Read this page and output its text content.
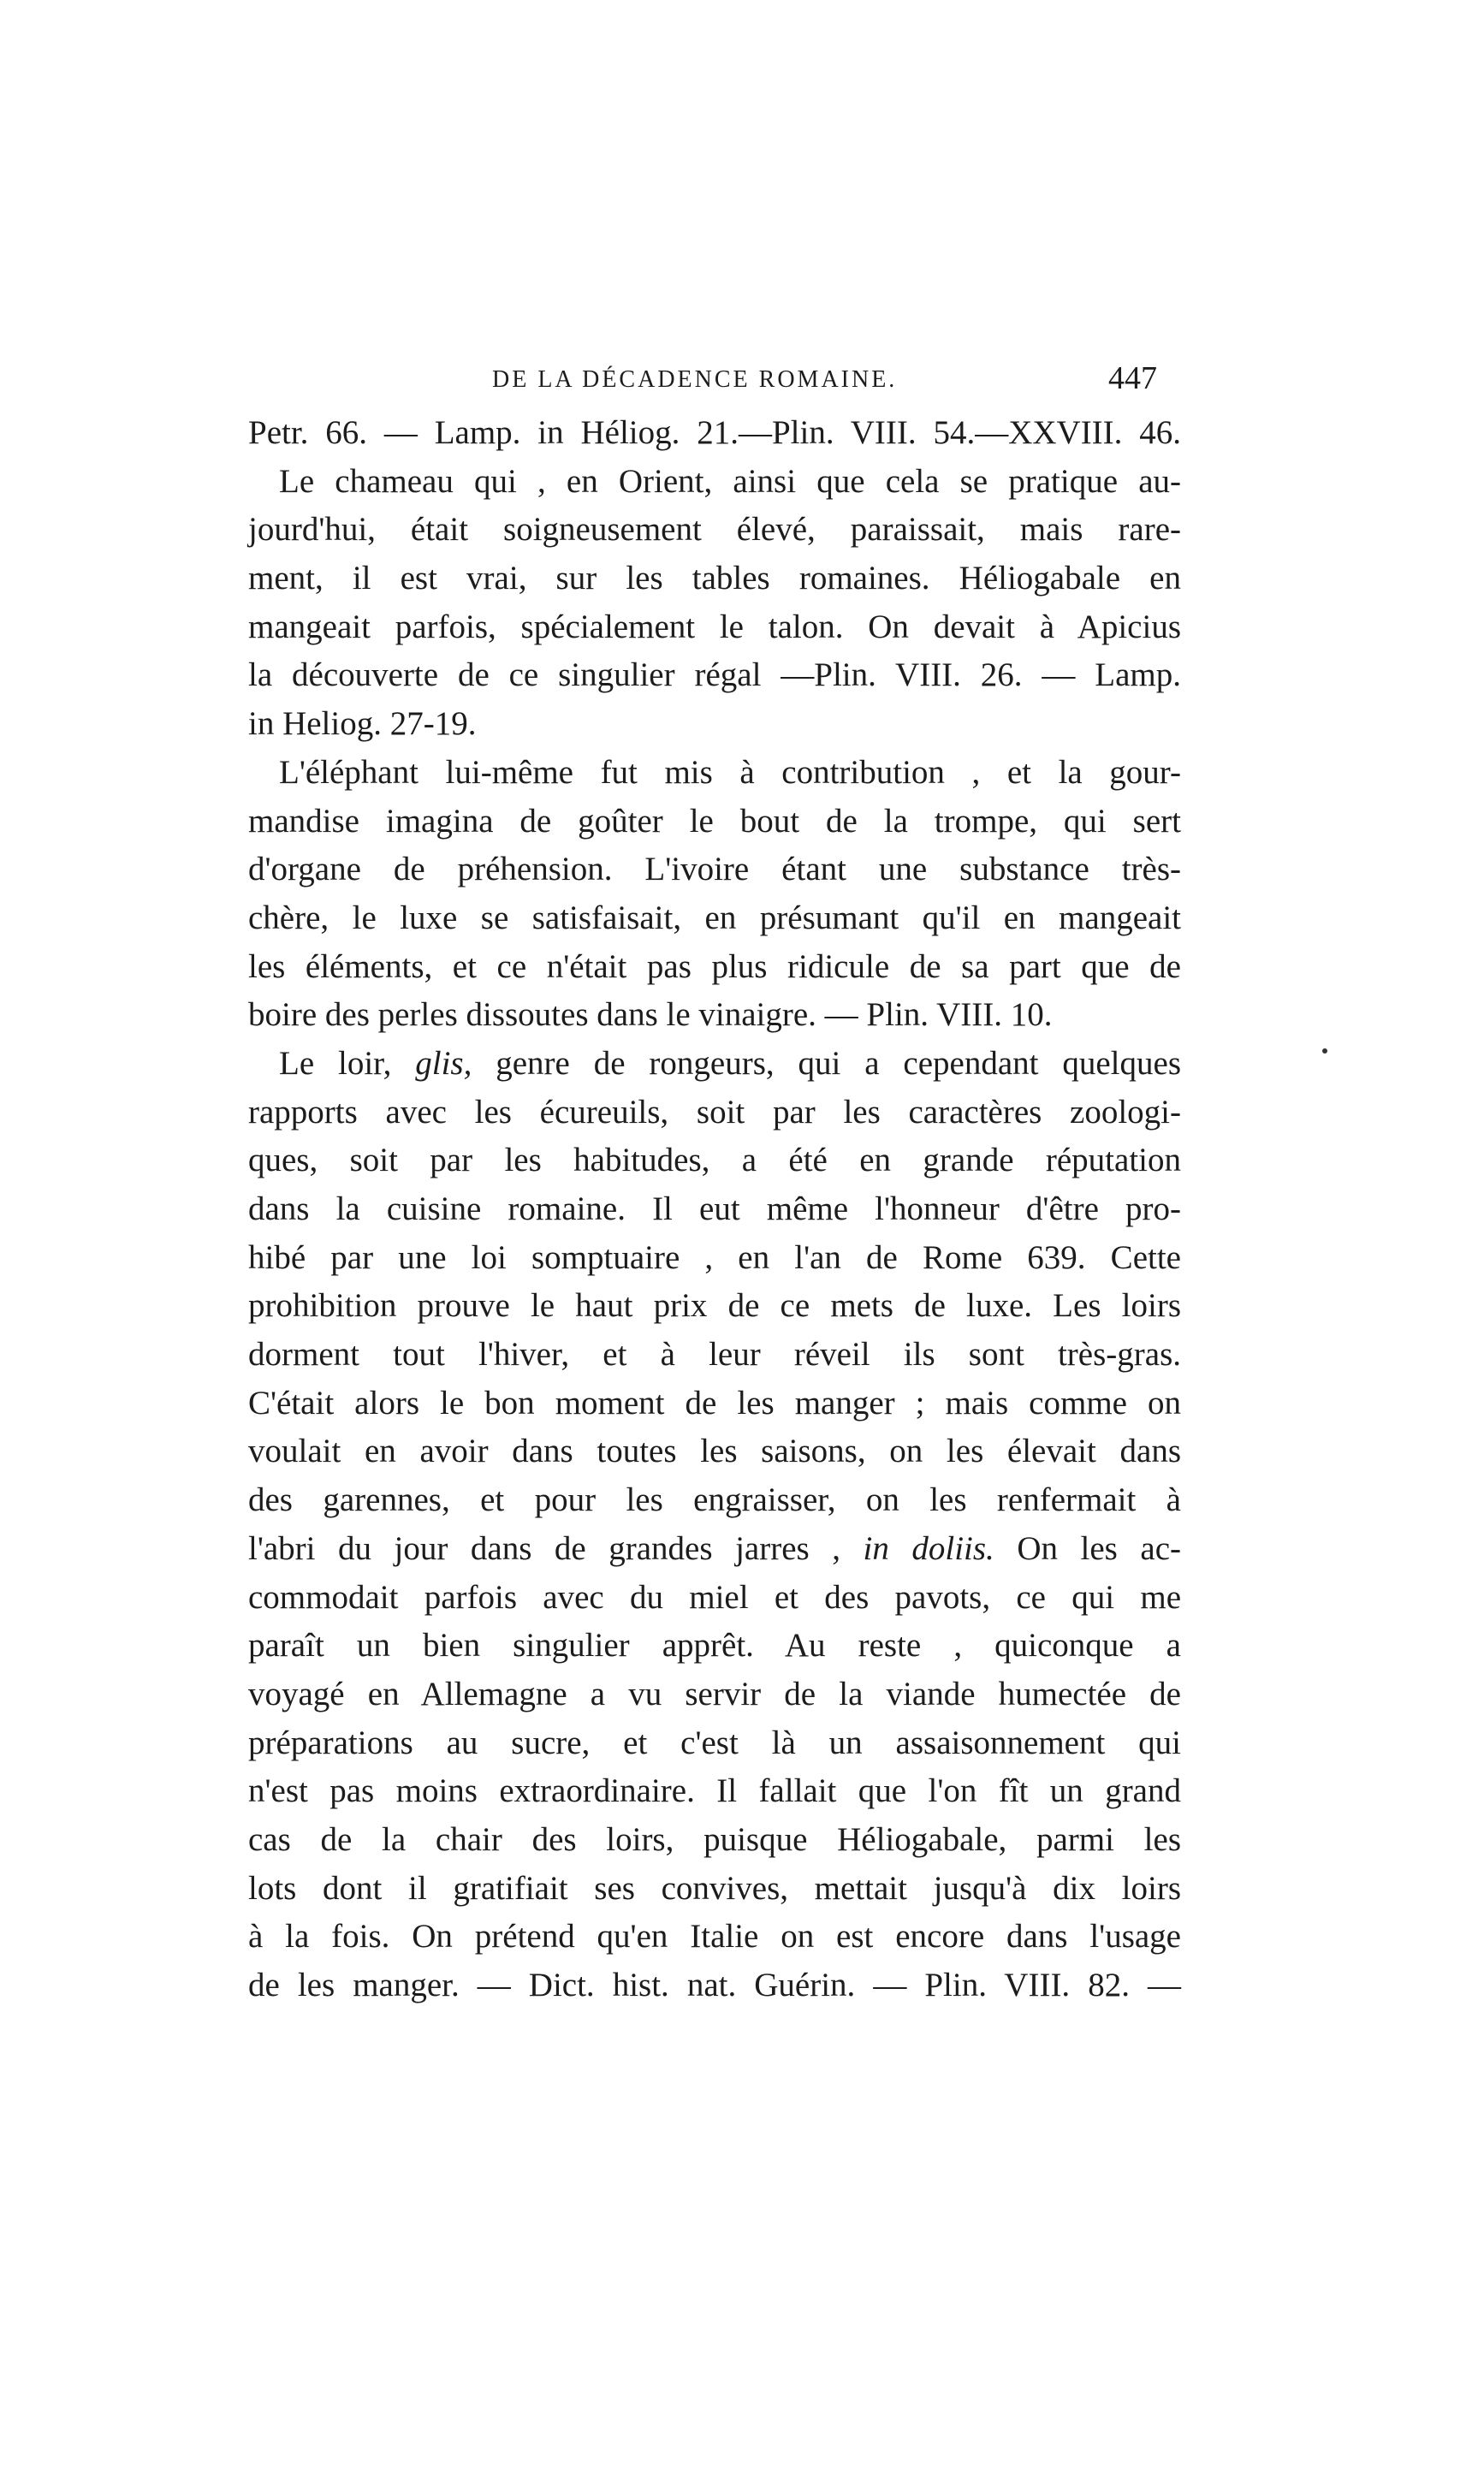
DE LA DÉCADENCE ROMAINE.	447
Petr. 66. — Lamp. in Héliog. 21.—Plin. VIII. 54.—XXVIII. 46.
Le chameau qui , en Orient, ainsi que cela se pratique au-
jourd'hui, était soigneusement élevé, paraissait, mais rare-
ment, il est vrai, sur les tables romaines. Héliogabale en
mangeait parfois, spécialement le talon. On devait à Apicius
la découverte de ce singulier régal —Plin. VIII. 26. — Lamp.
in Heliog. 27-19.
L'éléphant lui-même fut mis à contribution , et la gour-
mandise imagina de goûter le bout de la trompe, qui sert
d'organe de préhension. L'ivoire étant une substance très-
chère, le luxe se satisfaisait, en présumant qu'il en mangeait
les éléments, et ce n'était pas plus ridicule de sa part que de
boire des perles dissoutes dans le vinaigre. — Plin. VIII. 10.
Le loir, glis, genre de rongeurs, qui a cependant quelques
rapports avec les écureuils, soit par les caractères zoologi-
ques, soit par les habitudes, a été en grande réputation
dans la cuisine romaine. Il eut même l'honneur d'être pro-
hibé par une loi somptuaire , en l'an de Rome 639. Cette
prohibition prouve le haut prix de ce mets de luxe. Les loirs
dorment tout l'hiver, et à leur réveil ils sont très-gras.
C'était alors le bon moment de les manger ; mais comme on
voulait en avoir dans toutes les saisons, on les élevait dans
des garennes, et pour les engraisser, on les renfermait à
l'abri du jour dans de grandes jarres , in doliis. On les ac-
commodait parfois avec du miel et des pavots, ce qui me
paraît un bien singulier apprêt. Au reste , quiconque a
voyagé en Allemagne a vu servir de la viande humectée de
préparations au sucre, et c'est là un assaisonnement qui
n'est pas moins extraordinaire. Il fallait que l'on fît un grand
cas de la chair des loirs, puisque Héliogabale, parmi les
lots dont il gratifiait ses convives, mettait jusqu'à dix loirs
à la fois. On prétend qu'en Italie on est encore dans l'usage
de les manger. — Dict. hist. nat. Guérin. — Plin. VIII. 82. —
